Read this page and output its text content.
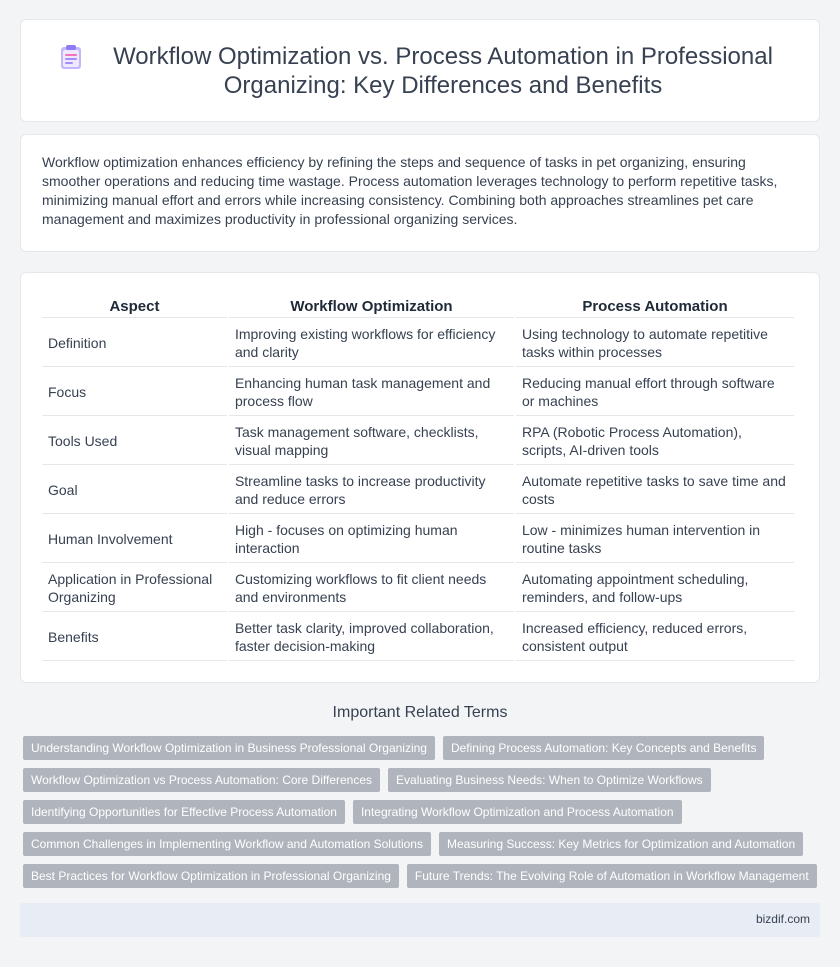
Workflow Optimization vs. Process Automation in Professional Organizing: Key Differences and Benefits

Workflow optimization enhances efficiency by refining the steps and sequence of tasks in pet organizing, ensuring smoother operations and reducing time wastage. Process automation leverages technology to perform repetitive tasks, minimizing manual effort and errors while increasing consistency. Combining both approaches streamlines pet care management and maximizes productivity in professional organizing services.

Aspect	Workflow Optimization	Process Automation
Definition	Improving existing workflows for efficiency and clarity	Using technology to automate repetitive tasks within processes
Focus	Enhancing human task management and process flow	Reducing manual effort through software or machines
Tools Used	Task management software, checklists, visual mapping	RPA (Robotic Process Automation), scripts, AI-driven tools
Goal	Streamline tasks to increase productivity and reduce errors	Automate repetitive tasks to save time and costs
Human Involvement	High - focuses on optimizing human interaction	Low - minimizes human intervention in routine tasks
Application in Professional Organizing	Customizing workflows to fit client needs and environments	Automating appointment scheduling, reminders, and follow-ups
Benefits	Better task clarity, improved collaboration, faster decision-making	Increased efficiency, reduced errors, consistent output
Important Related Terms
Understanding Workflow Optimization in Business Professional Organizing	Defining Process Automation: Key Concepts and Benefits
Workflow Optimization vs Process Automation: Core Differences	Evaluating Business Needs: When to Optimize Workflows
Identifying Opportunities for Effective Process Automation	Integrating Workflow Optimization and Process Automation
Common Challenges in Implementing Workflow and Automation Solutions	Measuring Success: Key Metrics for Optimization and Automation
Best Practices for Workflow Optimization in Professional Organizing	Future Trends: The Evolving Role of Automation in Workflow Management
bizdif.com
